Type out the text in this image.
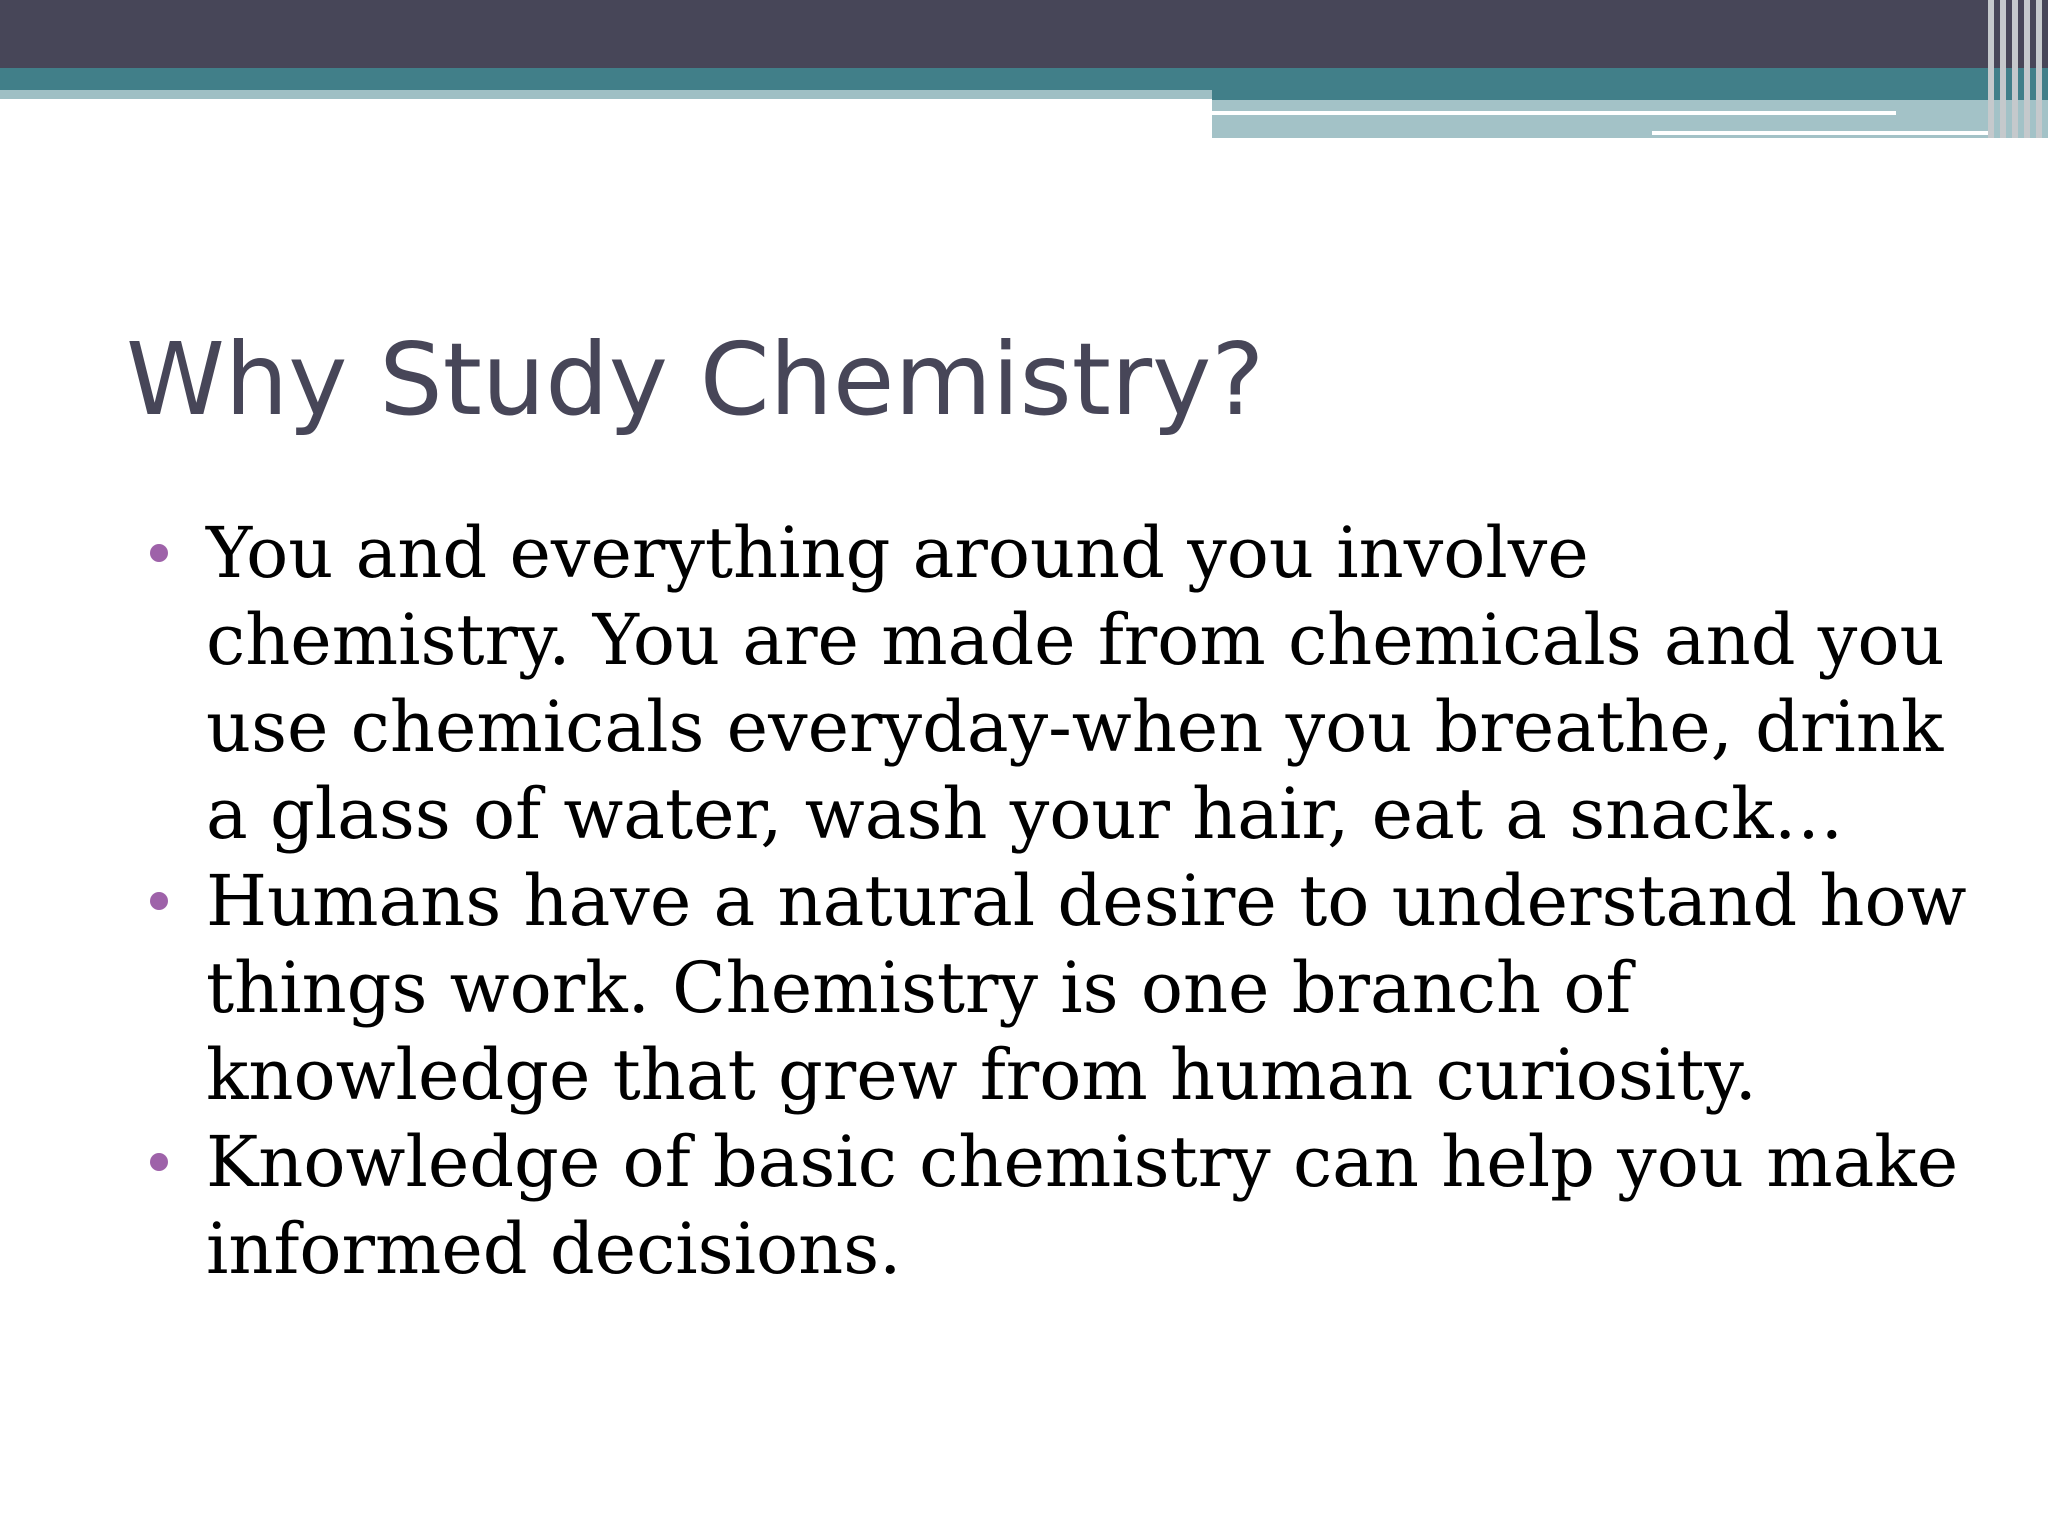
Why Study Chemistry?
You and everything around you involve chemistry. You are made from chemicals and you use chemicals everyday-when you breathe, drink a glass of water, wash your hair, eat a snack…
Humans have a natural desire to understand how things work. Chemistry is one branch of knowledge that grew from human curiosity.
Knowledge of basic chemistry can help you make informed decisions.
